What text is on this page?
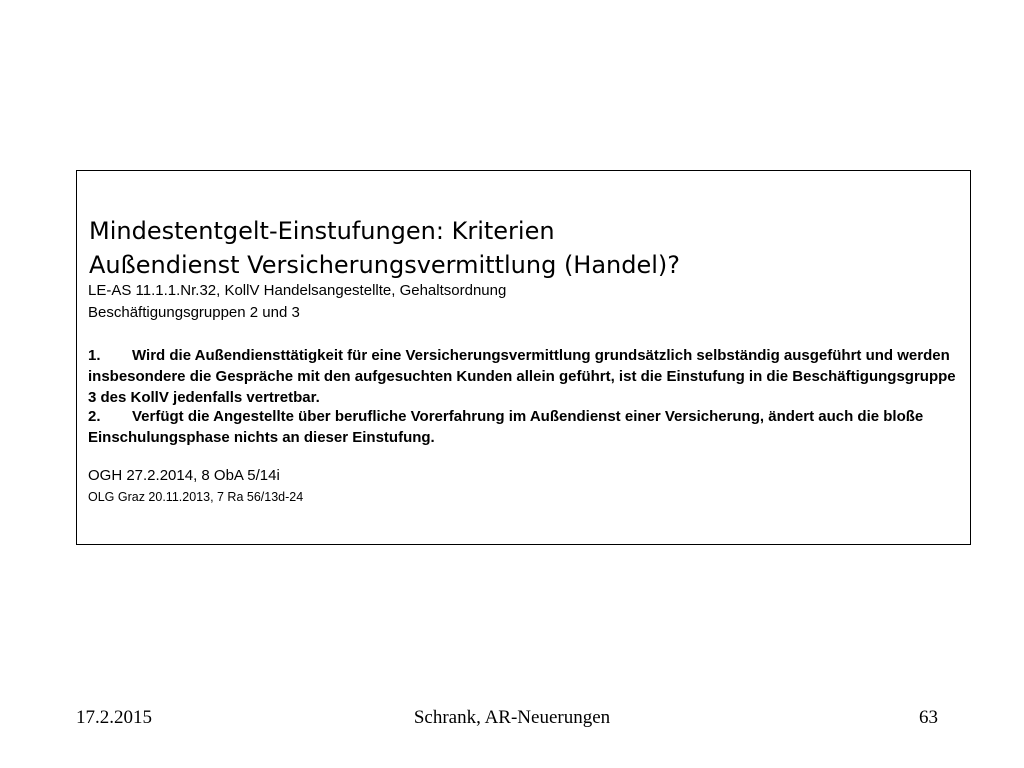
Mindestentgelt-Einstufungen: Kriterien
Außendienst Versicherungsvermittlung (Handel)?
LE-AS 11.1.1.Nr.32, KollV Handelsangestellte, Gehaltsordnung
Beschäftigungsgruppen 2 und 3
1. Wird die Außendiensttätigkeit für eine Versicherungsvermittlung grundsätzlich selbständig ausgeführt und werden insbesondere die Gespräche mit den aufgesuchten Kunden allein geführt, ist die Einstufung in die Beschäftigungsgruppe 3 des KollV jedenfalls vertretbar.
2. Verfügt die Angestellte über berufliche Vorerfahrung im Außendienst einer Versicherung, ändert auch die bloße Einschulungsphase nichts an dieser Einstufung.
OGH 27.2.2014, 8 ObA 5/14i
OLG Graz 20.11.2013, 7 Ra 56/13d-24
17.2.2015	Schrank, AR-Neuerungen	63
